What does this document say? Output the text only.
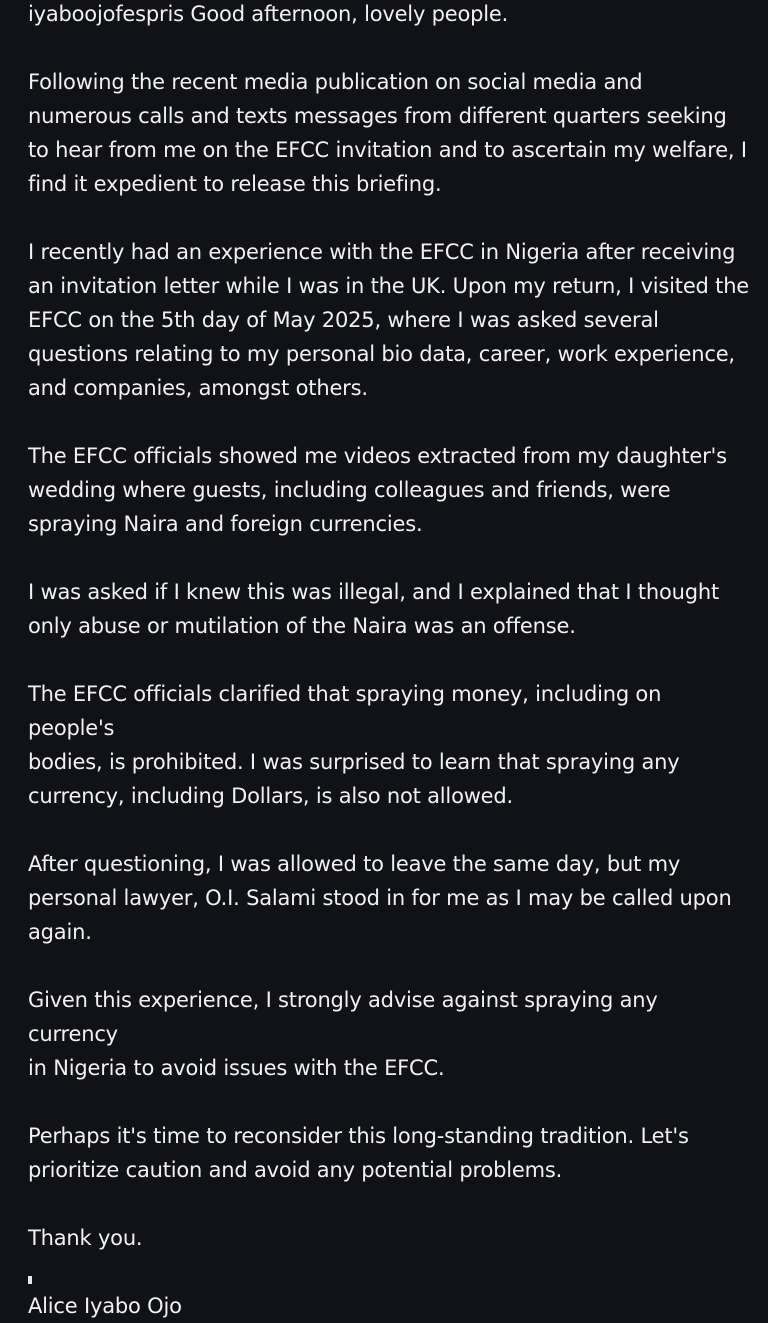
iyaboojofespris Good afternoon, lovely people.

Following the recent media publication on social media and
numerous calls and texts messages from different quarters seeking
to hear from me on the EFCC invitation and to ascertain my welfare, I
find it expedient to release this briefing.

I recently had an experience with the EFCC in Nigeria after receiving
an invitation letter while I was in the UK. Upon my return, I visited the
EFCC on the 5th day of May 2025, where I was asked several
questions relating to my personal bio data, career, work experience,
and companies, amongst others.

The EFCC officials showed me videos extracted from my daughter's
wedding where guests, including colleagues and friends, were
spraying Naira and foreign currencies.

I was asked if I knew this was illegal, and I explained that I thought
only abuse or mutilation of the Naira was an offense.

The EFCC officials clarified that spraying money, including on people's
bodies, is prohibited. I was surprised to learn that spraying any
currency, including Dollars, is also not allowed.

After questioning, I was allowed to leave the same day, but my
personal lawyer, O.I. Salami stood in for me as I may be called upon
again.

Given this experience, I strongly advise against spraying any currency
in Nigeria to avoid issues with the EFCC.

Perhaps it's time to reconsider this long-standing tradition. Let's
prioritize caution and avoid any potential problems.

Thank you.

Alice Iyabo Ojo
